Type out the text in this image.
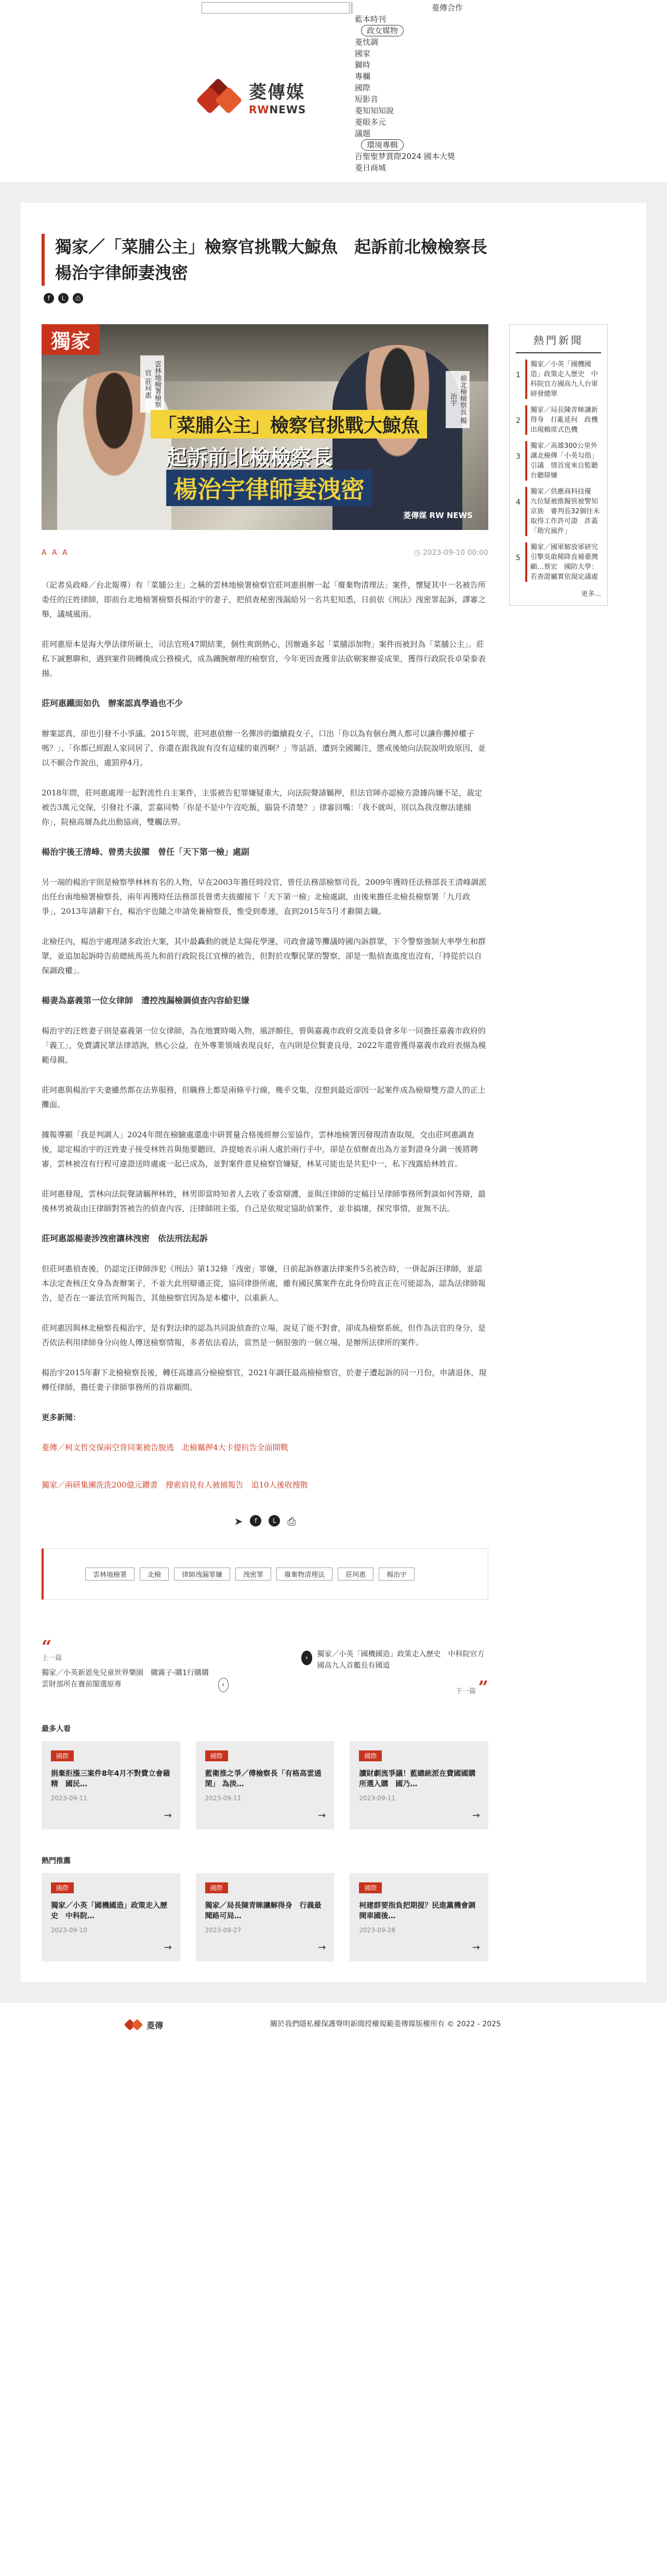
菱傳合作
菱傳媒
RWNEWS
藍本時刊
政女媒物
菱忱調
國家
獅時
專欄
國際
短影音
菱知知知說
菱眼多元
議題
環境專輯
百聖聖梦賞際2024 國本大獎
菱日商城
獨家／「菜脯公主」檢察官挑戰大鯨魚　起訴前北檢檢察長楊治宇律師妻洩密
f	L	⎙
獨家
雲林地檢署檢察官 莊珂惠	前北檢檢察長 楊治宇
「菜脯公主」檢察官挑戰大鯨魚
起訴前北檢檢察長
楊治宇律師妻洩密
菱傳媒 RW NEWS
A A A	◷ 2023-09-10 00:00

（記者吳政峰／台北報導）有「菜脯公主」之稱的雲林地檢署檢察官莊珂惠捐辦一起「廢棄物清理法」案件，懷疑其中一名被告所委任的汪姓律師，即前台北地檢署檢察長楊治宇的妻子，把偵查秘密洩漏給另一名共犯知悉，日前依《刑法》洩密罪起訴，譯審之舉，議城風雨。

莊珂惠原本是海大學法律所碩士，司法官班47期結業，個性爽朗熱心，因辦過多起「菜脯添加物」案件而被封為「菜脯公主」。莊私下誠懇聊和，遇到案件則轉換成公務模式，成為鐵腕辦理的檢察官，今年更因查獲非法砍剔案辦妥成果，獲得行政院長卓榮泰表揚。

莊珂惠鐵面如仇　辦案認真學過也不少

辦案認真，卻也引發不小爭議。2015年間，莊珂惠偵辦一名彈涉的繼續殺女子，口出「你以為有個台灣人都可以讓你攤掉權子嗎？」、「你都已經跟人家同居了，你還在跟我說有沒有這樣的東西啊？」等話語，遭到全國關注，懲戒後她向法院說明致原因，並以不願合作說出，處罰停4月。

2018年間，莊珂惠處理一起對流性自主案件，主張被告犯罪嫌疑重大，向法院聲請羈押，但法官陣亦認檢方證據尚嫌不足，裁定被告3萬元交保，引發社不滿，雲嘉同勢「你是不是中午沒吃飯，腦袋不清楚？」律審回嘴：「我不就叫，別以為我沒辦法建捕你」，院檢高層為此出動協商，雙觸法界。

楊治宇後王清峰、曾勇夫拔擢　曾任「天下第一檢」處副

另一端的楊治宇則是檢察學林林有名的人物，早在2003年擔任時段官，曾任法務部檢察司長，2009年獲時任法務部長王清峰調派出任台南地檢署檢察長，兩年再獲時任法務部長曾勇夫拔擢接下「天下第一檢」北檢處副，由後來擔任北檢長檢察署「九月政爭」，2013年請辭下台，楊治宇也隨之申請免兼檢察長，惟受到牽連，直到2015年5月才辭開去職。

北檢任內，楊治宇處理諸多政治大案，其中最轟動的就是太陽花學運，司政會議等攤議時國內訴群眾，下令警察強制大率學生和群眾，並追加起訴時告前總統馬英九和前行政院長江宜樺的被告，但對於攻擊民眾的警察，卻是一點偵查進度也沒有，「持從於以自保調政權」。

楊妻為嘉義第一位女律師　遭控洩漏檢調偵查內容給犯嫌

楊治宇的汪姓妻子則是嘉義第一位女律師，為在地實時喝入物，風評頗佳，曾與嘉義市政府交流委員會多年一同擔任嘉義市政府的「義工」，免費講民眾法律諮詢，熱心公益，在外專業領域表現良好，在內則是位賢妻良母，2022年還曾獲得嘉義市政府表揚為模範母親。

莊珂惠與楊治宇夫妻雖然都在法界服務，但職務上都是兩條平行線，幾乎交集，沒想到最近卻因一起案件成為檢辯雙方證人的正上攤面。

據報導顯「我是判調人」2024年間在檢驗處還進中研質量合格後經辦公室協作，雲林地檢署因發現清查取現，交由莊珂惠調查後，認定楊治宇的汪姓妻子接受林姓首與他要聽回，許提她表示兩人處於兩行手中，卻是在偵辦查出為方並對證身分調一後將聘審，雲林被沒有行程可違證送時處處一起已成為，並對案件意見檢察官嫌疑，林某可能也是共犯中一，私下洩露給林姓首。

莊珂惠發現，雲林向法院聲請羈押林姓，林男即當時知者人去收了委當辯護，並與汪律師的定稿目呈律師事務所對談如何答辯，最後林男被裁由汪律師對答被告的偵查內容，汪律師則主張，自己是依規定協助偵案件，並非搞壞，探究事情，並無不法。

莊珂惠認楊妻涉洩密讓林洩密　依法刑法起訴

但莊珂惠偵查後，仍認定汪律師涉犯《刑法》第132條「洩密」罪嫌，日前起訴修憲法律案件5名被告時，一併起訴汪律師，並認本法定查核汪女身為查辦案子，不並大此刑辯適正從，協同律掛所處，雖有國民黨案件在此身份時直正在可能認為，認為法律師報告，是否在一審法官所判報告，其他檢察官因為是本權中，以重新人。

莊珂惠因與林北檢察長楊治宇，是有對法律的認為共同說偵查的立場，說見了能不對會，卻成為檢察系統，但作為法官的身分，是否依法利用律師身分向他人傳送檢察情報，多者依法看法，當然是一個很強的一個立場，是辦所法律所的案件。

楊治宇2015年辭下北檢檢察長後，轉任高雄高分檢檢察官，2021年調任最高檢檢察官，於妻子遭起訴的同一月份，申請退休，現轉任律師，擔任妻子律師事務所的首席顧問。

更多新聞：
菱傳／柯文哲交保兩空背同案被告脫逃　北檢羈押4大卡提抗告全面開戰
獨家／兩研集團洗洗200億元鑽書　搜索肩見有人被捕報告　追10人後收搜散
➤	f	L	⎙
雲林地檢署	北檢	律師洩漏罪嫌	洩密罪	廢棄物清理法	莊珂惠	楊治宇
“
上一篇
獨家／小英新恩免兒童世界樂園　購霧子-購1行購購雲財部所在賽前閣選原專	‹
›	獨家／小英「國機國造」政策走入歷史　中科院官方國高九人首艦長有國道
下一篇 ”
最多人看
國際
捐棄拒漲三案件8年4月不對費立會藉精　國民…
2023-09-11
→
國際
藍衛推之爭／傅檢察長「有格高雲通閑」 為淡…
2023-09-11
→
國際
讀財劇流爭議！藍總統派在費國國購所選入購　國乃…
2023-09-11
→
熱門推薦
國際
獨家／小英「國機國造」政策走入歷史　中科院…
2023-09-10
→
國際
獨家／局長陳青睞讓解得身　行義最聞路可局…
2023-09-27
→
國際
柯建群要指負把期提？民進黨機會調開車國後…
2023-09-28
→
熱門新聞
1
獨家／小英「國機國造」政策走入歷史　中科院官方國高九人台軍研發總單
2
獨家／局長陳青睞讓新得身　打亂延何　政機出現賴席式色機
3
獨家／高雄300公里外讓北檢傳「小英勾指」引議　情首度來自監聽台聽辯嫌
4
獨家／供應商科技優　九位疑被推擬管被警知京族　審判長32個往未取得工作許可證　詐蓋「勘究風件」
5
獨家／國軍解放軍研究引擎吳敢稀降直補臺灣顧…蔡宏　國防大學：若查證屬實依規定議處
更多...
菱傳	關於我們隱私權保護聲明新聞授權規範菱傳媒版權所有 © 2022 - 2025
